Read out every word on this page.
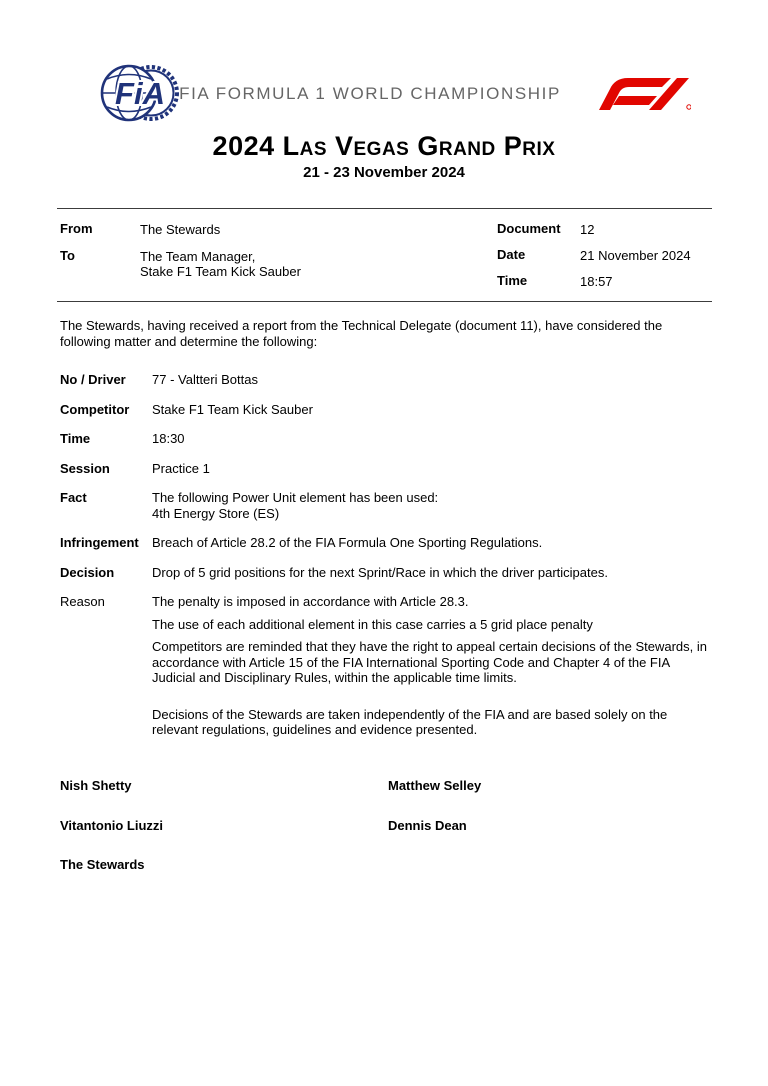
FiA FIA FORMULA 1 WORLD CHAMPIONSHIP
2024 Las Vegas Grand Prix
21 - 23 November 2024
From	The Stewards
To	The Team Manager,
Stake F1 Team Kick Sauber
Document 12
Date	21 November 2024
Time	18:57

The Stewards, having received a report from the Technical Delegate (document 11), have considered the following matter and determine the following:

No / Driver	77 - Valtteri Bottas
Competitor	Stake F1 Team Kick Sauber
Time	18:30
Session	Practice 1
Fact	The following Power Unit element has been used:
4th Energy Store (ES)
Infringement	Breach of Article 28.2 of the FIA Formula One Sporting Regulations.
Decision	Drop of 5 grid positions for the next Sprint/Race in which the driver participates.
Reason	The penalty is imposed in accordance with Article 28.3.

The use of each additional element in this case carries a 5 grid place penalty

Competitors are reminded that they have the right to appeal certain decisions of the Stewards, in accordance with Article 15 of the FIA International Sporting Code and Chapter 4 of the FIA Judicial and Disciplinary Rules, within the applicable time limits.

Decisions of the Stewards are taken independently of the FIA and are based solely on the relevant regulations, guidelines and evidence presented.

Nish Shetty	Matthew Selley
Vitantonio Liuzzi	Dennis Dean
The Stewards
